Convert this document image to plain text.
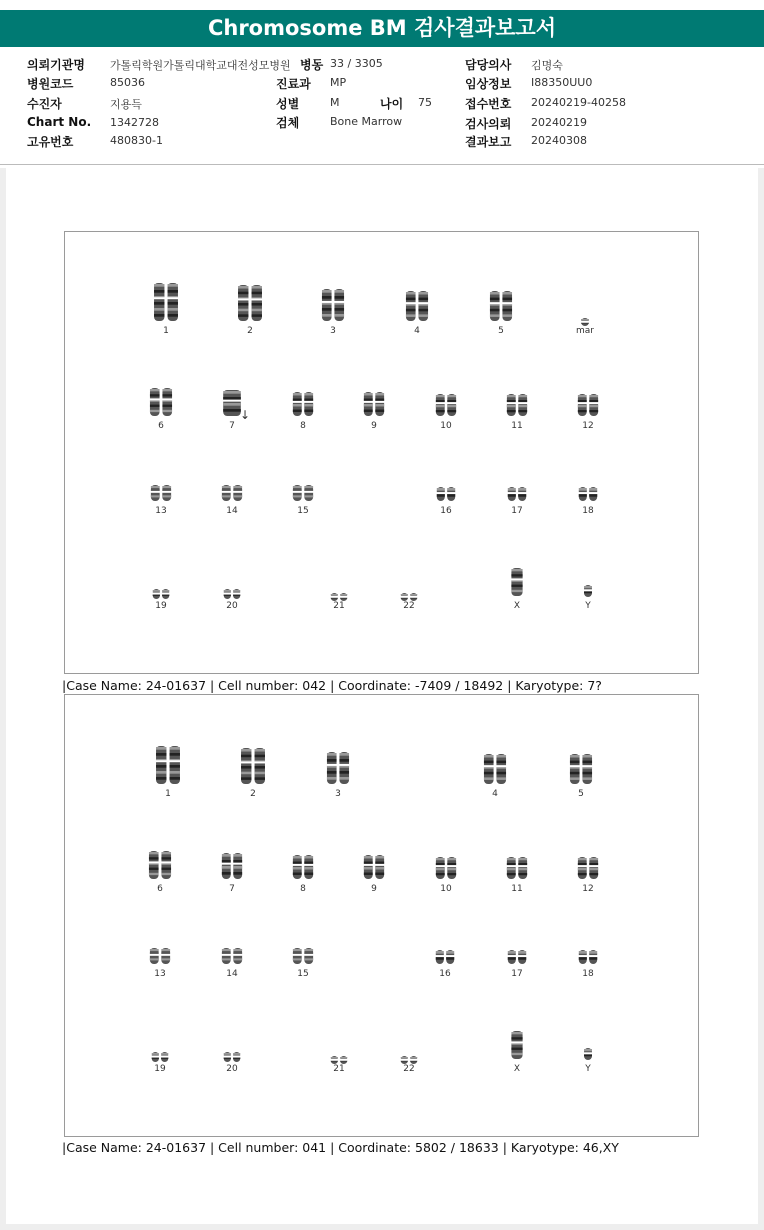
Chromosome BM 검사결과보고서
의뢰기관명 가톨릭학원가톨릭대학교대전성모병원 병동 33 / 3305	담당의사 김명숙
병원코드	85036	진료과 MP	임상정보 I88350UU0
수진자	지용득	성별	M	나이 75	접수번호 20240219-40258
Chart No. 1342728	검체	Bone Marrow	검사의뢰 20240219
고유번호	480830-1	결과보고 20240308
1	2	3	4	5	mar
6	7	8	9	10	11	12
13	14	15	16	17	18
19	20	21	22	X	Y
↓
|Case Name: 24-01637 | Cell number: 042 | Coordinate: -7409 / 18492 | Karyotype: 7?
1	2	3	4	5
6	7	8	9	10	11	12
13	14	15	16	17	18
19	20	21	22	X	Y
|Case Name: 24-01637 | Cell number: 041 | Coordinate: 5802 / 18633 | Karyotype: 46,XY
